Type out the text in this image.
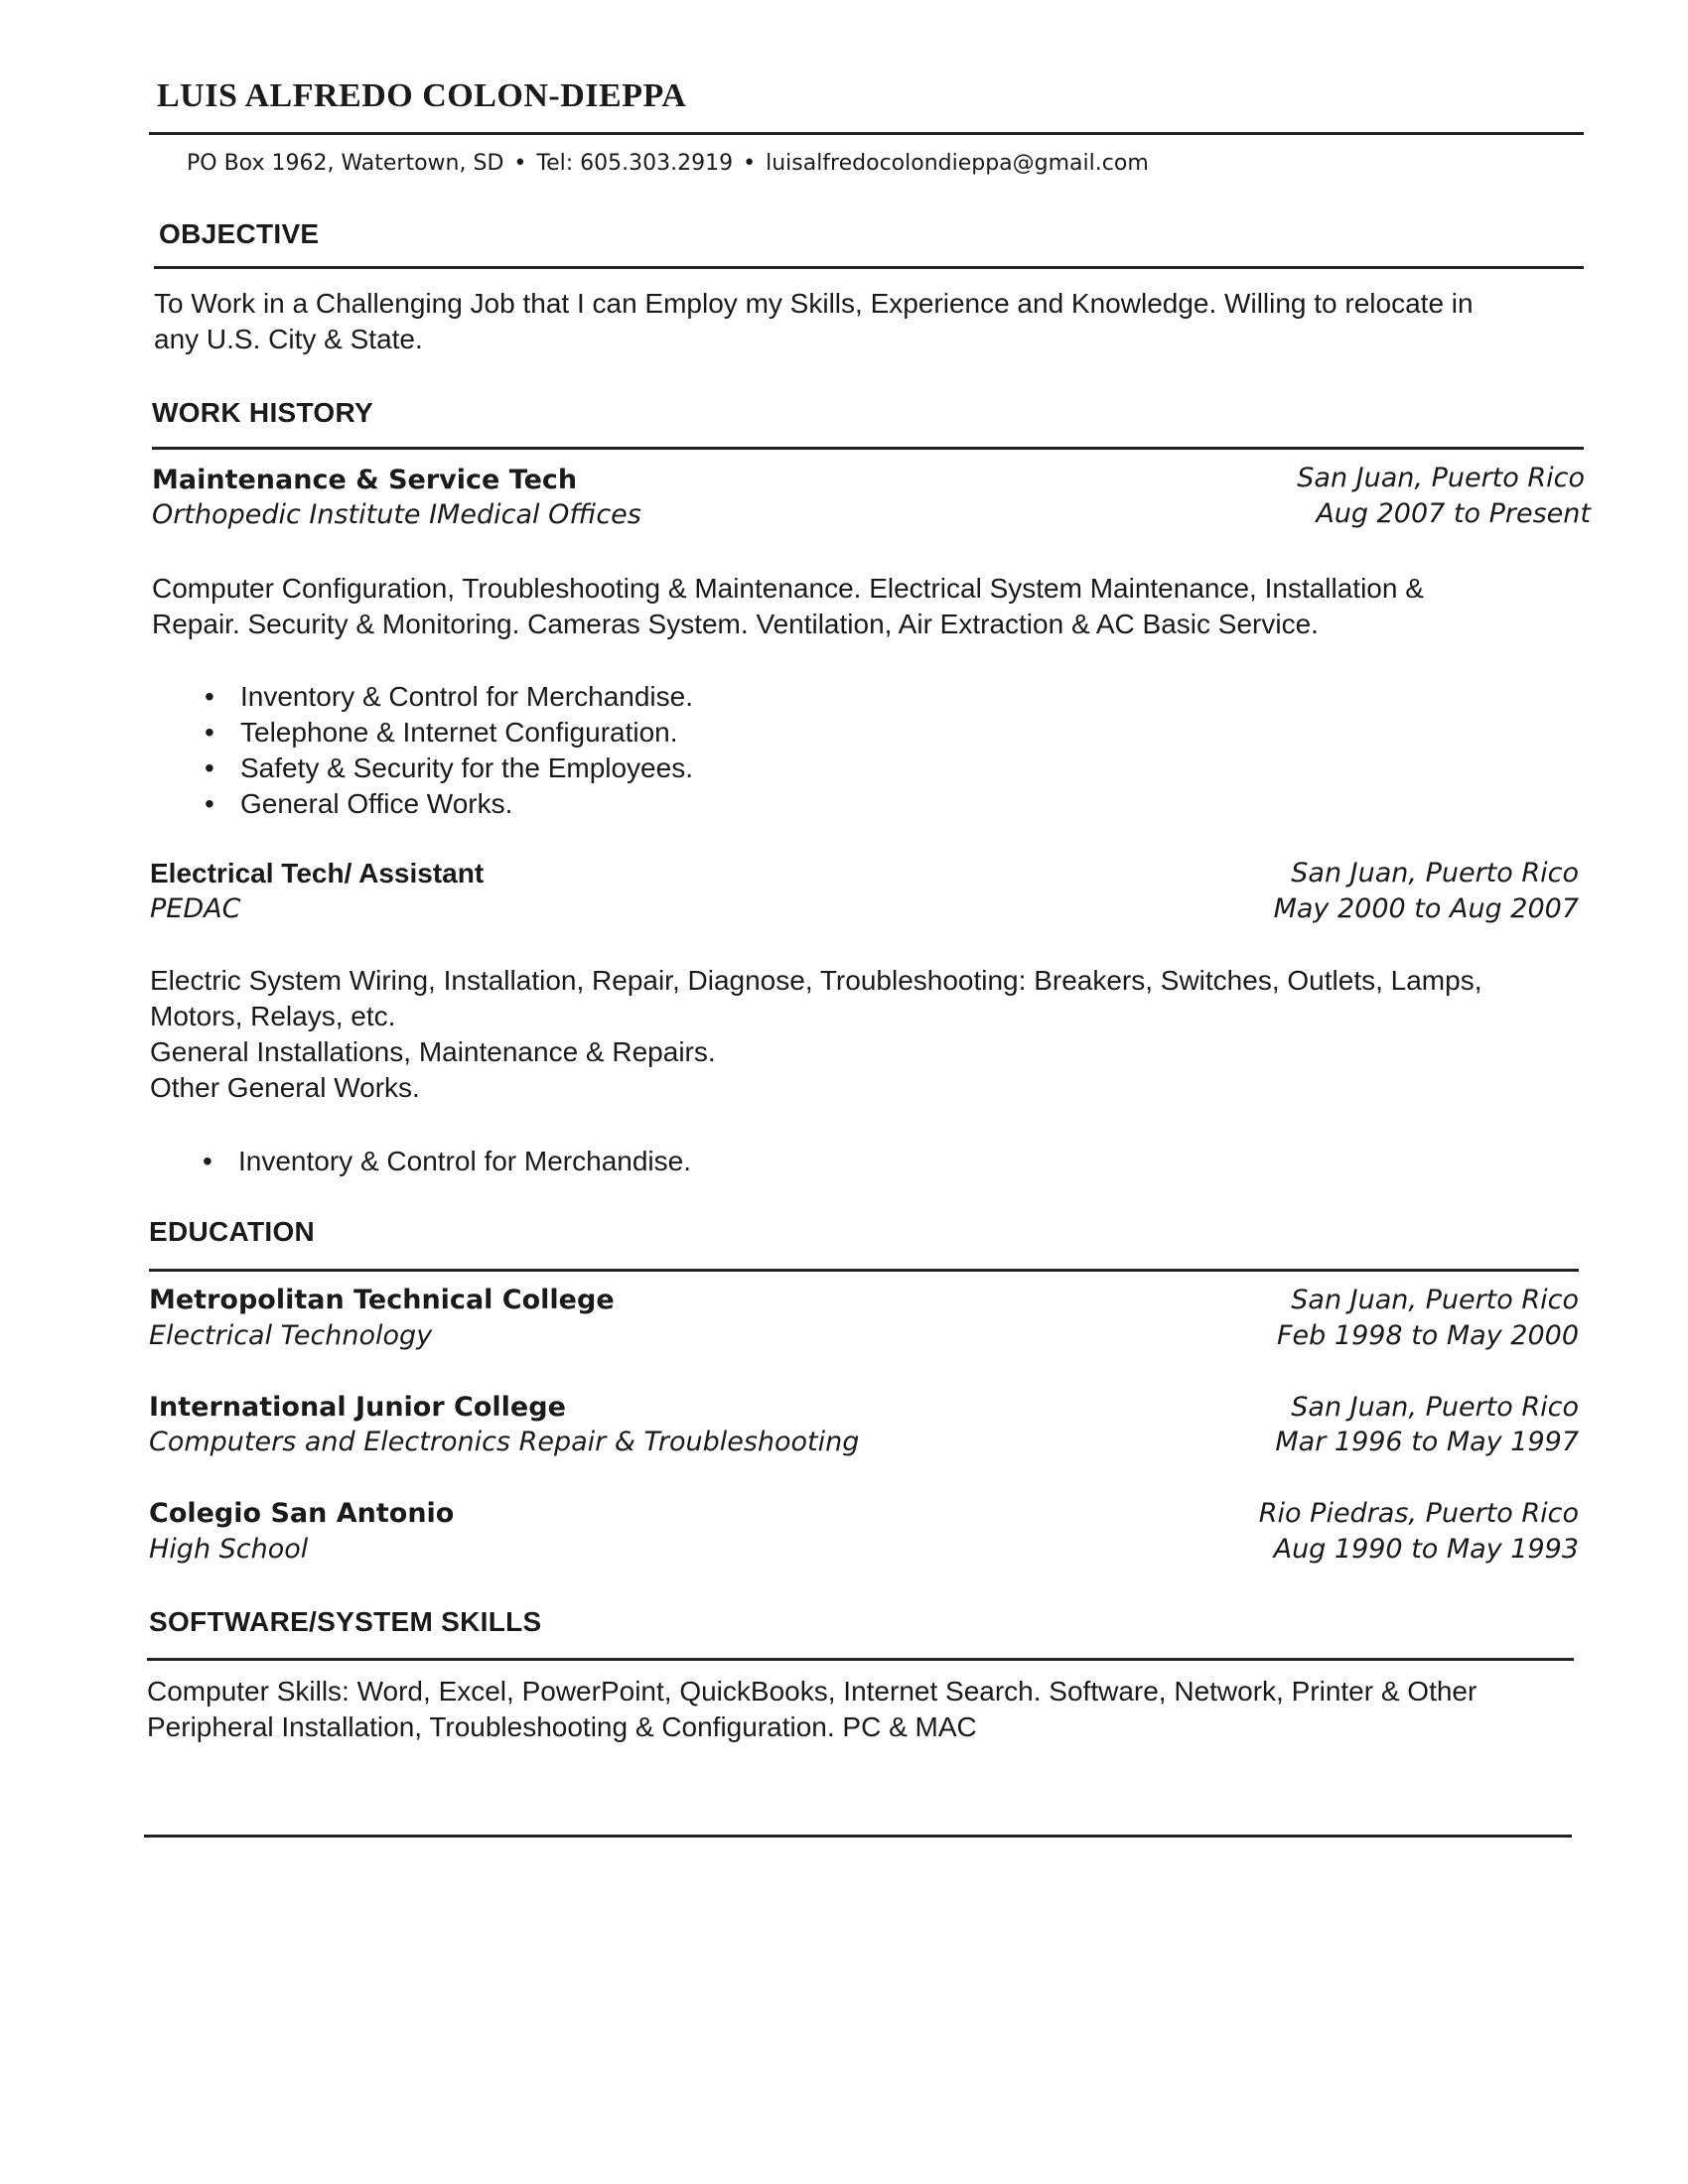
LUIS ALFREDO COLON-DIEPPA
PO Box 1962, Watertown, SD • Tel: 605.303.2919 • luisalfredocolondieppa@gmail.com
OBJECTIVE
To Work in a Challenging Job that I can Employ my Skills, Experience and Knowledge. Willing to relocate in
any U.S. City & State.
WORK HISTORY
Maintenance & Service Tech
Orthopedic Institute IMedical Offices
San Juan, Puerto Rico
Aug 2007 to Present
Computer Configuration, Troubleshooting & Maintenance. Electrical System Maintenance, Installation &
Repair. Security & Monitoring. Cameras System. Ventilation, Air Extraction & AC Basic Service.
• Inventory & Control for Merchandise.
• Telephone & Internet Configuration.
• Safety & Security for the Employees.
• General Office Works.
Electrical Tech/ Assistant
PEDAC
San Juan, Puerto Rico
May 2000 to Aug 2007
Electric System Wiring, Installation, Repair, Diagnose, Troubleshooting: Breakers, Switches, Outlets, Lamps,
Motors, Relays, etc.
General Installations, Maintenance & Repairs.
Other General Works.
• Inventory & Control for Merchandise.
EDUCATION
Metropolitan Technical College
Electrical Technology
San Juan, Puerto Rico
Feb 1998 to May 2000
International Junior College
Computers and Electronics Repair & Troubleshooting
San Juan, Puerto Rico
Mar 1996 to May 1997
Colegio San Antonio
High School
Rio Piedras, Puerto Rico
Aug 1990 to May 1993
SOFTWARE/SYSTEM SKILLS
Computer Skills: Word, Excel, PowerPoint, QuickBooks, Internet Search. Software, Network, Printer & Other
Peripheral Installation, Troubleshooting & Configuration. PC & MAC
